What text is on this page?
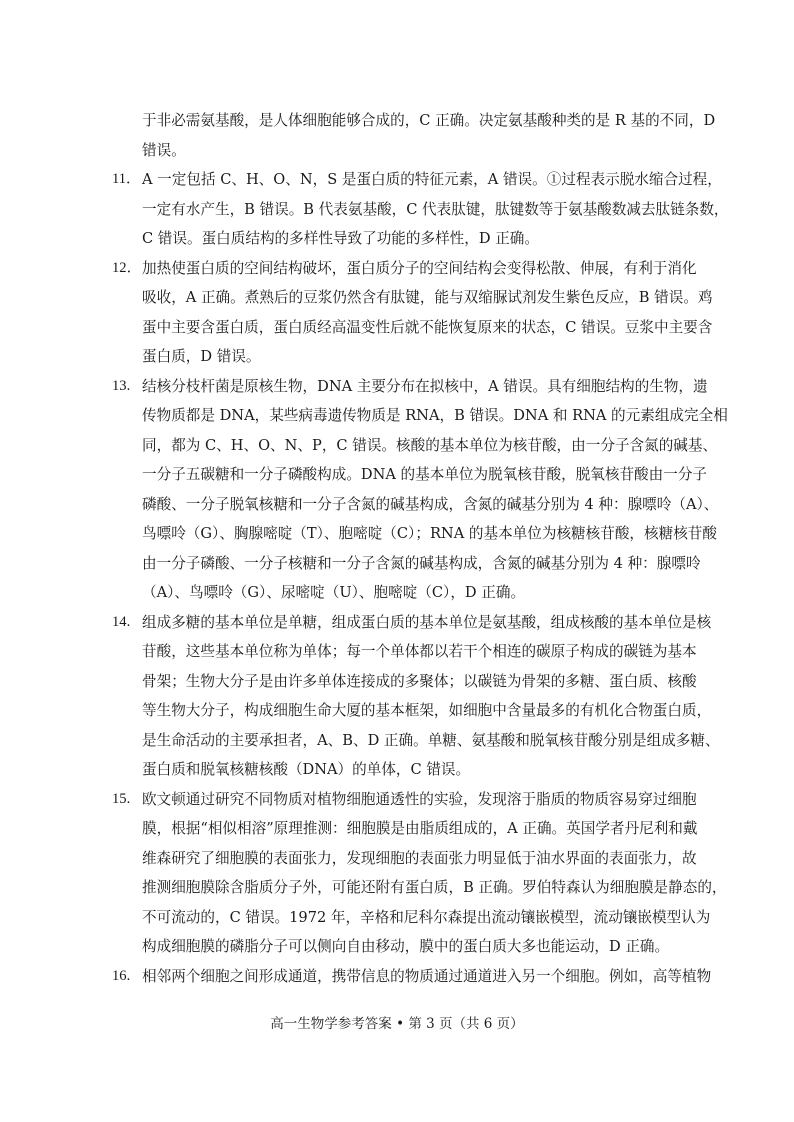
于非必需氨基酸，是人体细胞能够合成的，C 正确。决定氨基酸种类的是 R 基的不同，D
错误。
11． A 一定包括 C、H、O、N，S 是蛋白质的特征元素，A 错误。①过程表示脱水缩合过程，
一定有水产生，B 错误。B 代表氨基酸，C 代表肽键，肽键数等于氨基酸数减去肽链条数，
C 错误。蛋白质结构的多样性导致了功能的多样性，D 正确。
12． 加热使蛋白质的空间结构破坏，蛋白质分子的空间结构会变得松散、伸展，有利于消化
吸收，A 正确。煮熟后的豆浆仍然含有肽键，能与双缩脲试剂发生紫色反应，B 错误。鸡
蛋中主要含蛋白质，蛋白质经高温变性后就不能恢复原来的状态，C 错误。豆浆中主要含
蛋白质，D 错误。
13. 结核分枝杆菌是原核生物，DNA 主要分布在拟核中，A 错误。具有细胞结构的生物，遗
传物质都是 DNA，某些病毒遗传物质是 RNA，B 错误。DNA 和 RNA 的元素组成完全相
同，都为 C、H、O、N、P，C 错误。核酸的基本单位为核苷酸，由一分子含氮的碱基、
一分子五碳糖和一分子磷酸构成。DNA 的基本单位为脱氧核苷酸，脱氧核苷酸由一分子
磷酸、一分子脱氧核糖和一分子含氮的碱基构成，含氮的碱基分别为 4 种：腺嘌呤（A）、
鸟嘌呤（G）、胸腺嘧啶（T）、胞嘧啶（C）；RNA 的基本单位为核糖核苷酸，核糖核苷酸
由一分子磷酸、一分子核糖和一分子含氮的碱基构成，含氮的碱基分别为 4 种：腺嘌呤
（A）、鸟嘌呤（G）、尿嘧啶（U）、胞嘧啶（C），D 正确。
14. 组成多糖的基本单位是单糖，组成蛋白质的基本单位是氨基酸，组成核酸的基本单位是核
苷酸，这些基本单位称为单体；每一个单体都以若干个相连的碳原子构成的碳链为基本
骨架；生物大分子是由许多单体连接成的多聚体；以碳链为骨架的多糖、蛋白质、核酸
等生物大分子，构成细胞生命大厦的基本框架，如细胞中含量最多的有机化合物蛋白质，
是生命活动的主要承担者，A、B、D 正确。单糖、氨基酸和脱氧核苷酸分别是组成多糖、
蛋白质和脱氧核糖核酸（DNA）的单体，C 错误。
15. 欧文顿通过研究不同物质对植物细胞通透性的实验，发现溶于脂质的物质容易穿过细胞
膜，根据“相似相溶”原理推测：细胞膜是由脂质组成的，A 正确。英国学者丹尼利和戴
维森研究了细胞膜的表面张力，发现细胞的表面张力明显低于油水界面的表面张力，故
推测细胞膜除含脂质分子外，可能还附有蛋白质，B 正确。罗伯特森认为细胞膜是静态的，
不可流动的，C 错误。1972 年，辛格和尼科尔森提出流动镶嵌模型，流动镶嵌模型认为
构成细胞膜的磷脂分子可以侧向自由移动，膜中的蛋白质大多也能运动，D 正确。
16. 相邻两个细胞之间形成通道，携带信息的物质通过通道进入另一个细胞。例如，高等植物
高一生物学参考答案 • 第 3 页（共 6 页）
